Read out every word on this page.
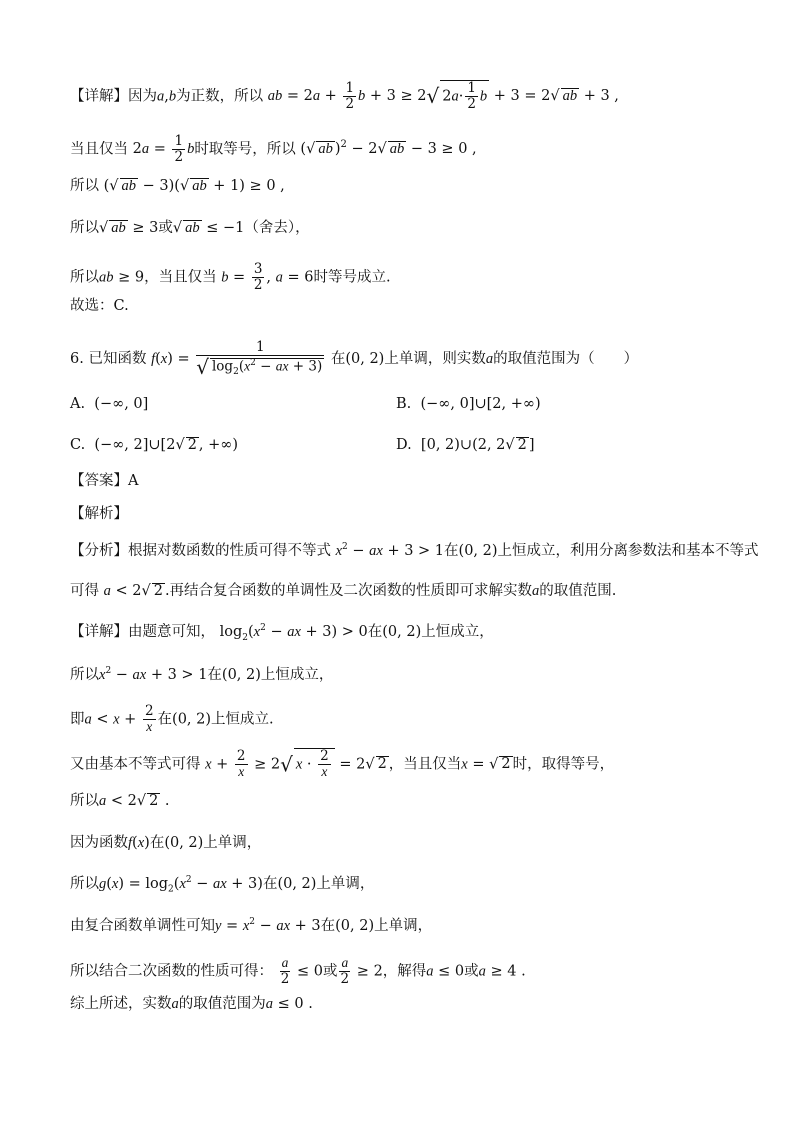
【详解】因为a,b为正数，所以 ab = $2a + \frac{1}{2}$ b + 3 ≥ 2√ $2a\cdot \frac{1}{2}$ b + 3 = 2√ ab + 3 ,
当且仅当 $2a = \frac{1}{2}$ b时取等号，所以 (√ ab )$^2$ − 2√ ab − 3 ≥ 0 ,
所以 (√ ab − 3)(√ ab + 1) ≥ 0 ,
所以√ ab ≥ 3或√ ab ≤ −1（舍去），
所以ab ≥ 9，当且仅当 $b = \frac{3}{2}$ , a = 6时等号成立.
故选：C.
6. 已知函数 $f(x) = \frac{1}{√ \log_2(x^2 - ax + 3)}$ 在(0, 2)上单调，则实数a的取值范围为（　　）
A.  (−∞, 0]	B.  (−∞, 0]∪[2, +∞)
C.  (−∞, 2]∪[2√ 2 , +∞)	D.  [0, 2)∪(2, 2√ 2 ]
【答案】A
【解析】
【分析】根据对数函数的性质可得不等式 $x^2$ − ax + 3 > 1在(0, 2)上恒成立，利用分离参数法和基本不等式
可得 a < 2√ 2 .再结合复合函数的单调性及二次函数的性质即可求解实数a的取值范围.
【详解】由题意可知， $\log_2(x^2$ − ax + 3) > 0在(0, 2)上恒成立，
所以$x^2$ − ax + 3 > 1在(0, 2)上恒成立，
即$a < x + \frac{2}{x}$ 在(0, 2)上恒成立.
又由基本不等式可得 $x + \frac{2}{x} \ge 2√$ $x \cdot \frac{2}{x} = 2√$ 2 ，当且仅当x = √ 2 时，取得等号，
所以a < 2√ 2 .
因为函数f(x)在(0, 2)上单调，
所以$g(x) = \log_2(x^2$ − ax + 3)在(0, 2)上单调，
由复合函数单调性可知$y = x^2$ − ax + 3在(0, 2)上单调，
所以结合二次函数的性质可得： $\frac{a}{2} \le 0$或 $\frac{a}{2} \ge 2$，解得a ≤ 0或a ≥ 4 .
综上所述，实数a的取值范围为a ≤ 0 .
